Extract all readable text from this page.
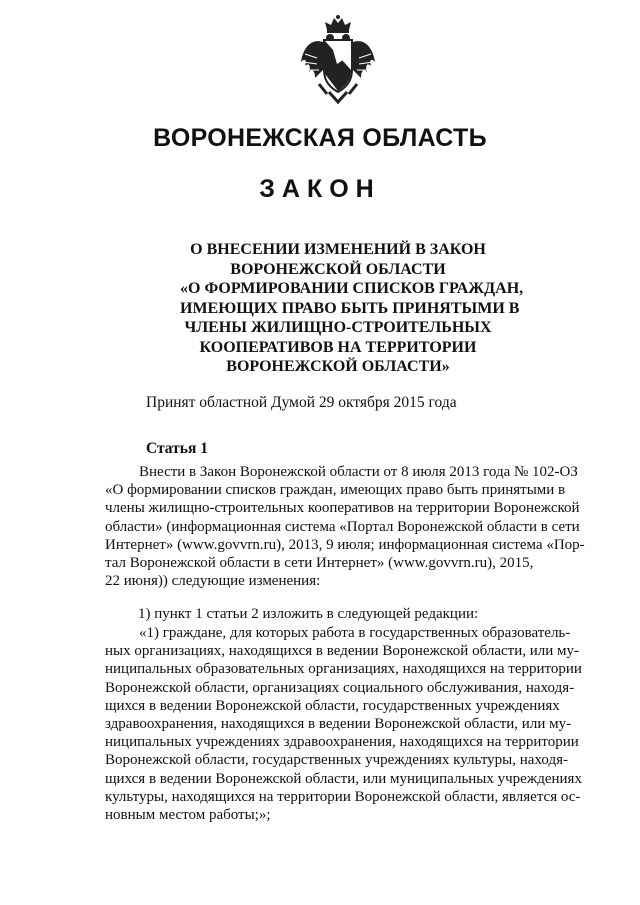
ВОРОНЕЖСКАЯ ОБЛАСТЬ
ЗАКОН
О ВНЕСЕНИИ ИЗМЕНЕНИЙ В ЗАКОН
ВОРОНЕЖСКОЙ ОБЛАСТИ
«О ФОРМИРОВАНИИ СПИСКОВ ГРАЖДАН,
ИМЕЮЩИХ ПРАВО БЫТЬ ПРИНЯТЫМИ В
ЧЛЕНЫ ЖИЛИЩНО-СТРОИТЕЛЬНЫХ
КООПЕРАТИВОВ НА ТЕРРИТОРИИ
ВОРОНЕЖСКОЙ ОБЛАСТИ»
Принят областной Думой 29 октября 2015 года
Статья 1
Внести в Закон Воронежской области от 8 июля 2013 года № 102-ОЗ
«О формировании списков граждан, имеющих право быть принятыми в
члены жилищно-строительных кооперативов на территории Воронежской
области» (информационная система «Портал Воронежской области в сети
Интернет» (www.govvrn.ru), 2013, 9 июля; информационная система «Пор-
тал Воронежской области в сети Интернет» (www.govvrn.ru), 2015,
22 июня)) следующие изменения:
1) пункт 1 статьи 2 изложить в следующей редакции:
«1) граждане, для которых работа в государственных образователь-
ных организациях, находящихся в ведении Воронежской области, или му-
ниципальных образовательных организациях, находящихся на территории
Воронежской области, организациях социального обслуживания, находя-
щихся в ведении Воронежской области, государственных учреждениях
здравоохранения, находящихся в ведении Воронежской области, или му-
ниципальных учреждениях здравоохранения, находящихся на территории
Воронежской области, государственных учреждениях культуры, находя-
щихся в ведении Воронежской области, или муниципальных учреждениях
культуры, находящихся на территории Воронежской области, является ос-
новным местом работы;»;
